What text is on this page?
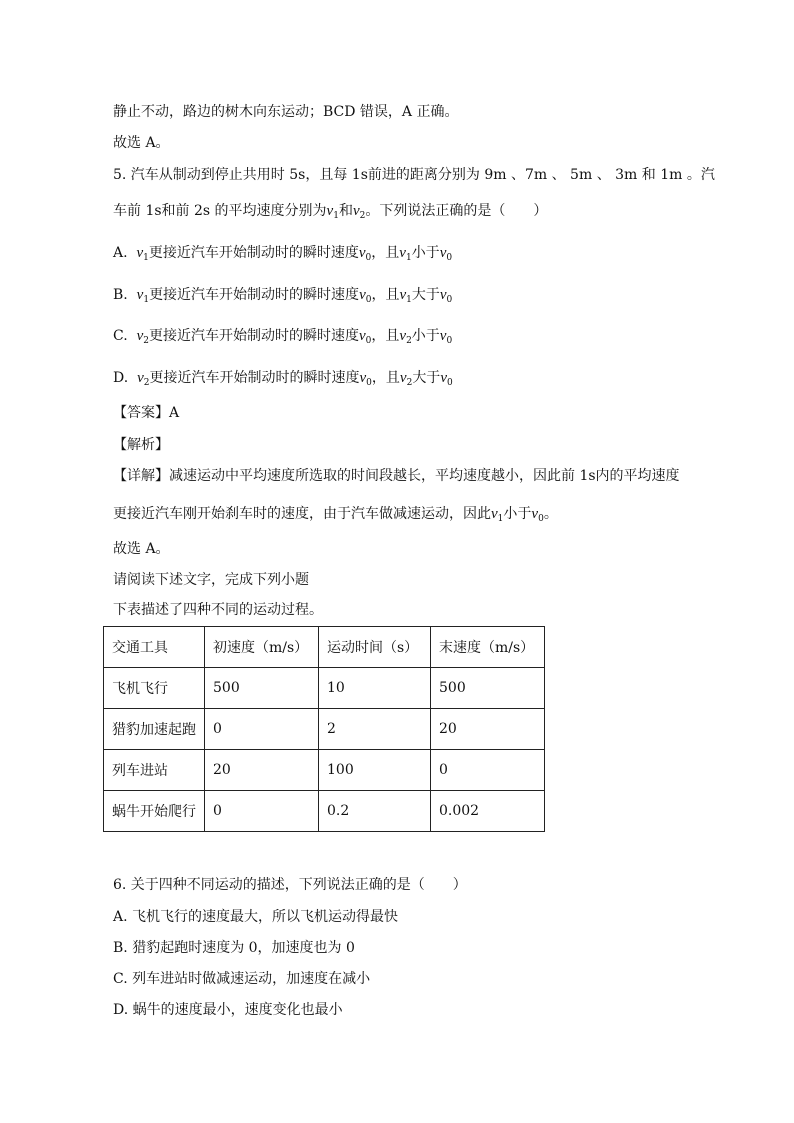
静止不动，路边的树木向东运动；BCD 错误，A 正确。
故选 A。
5. 汽车从制动到停止共用时 5s，且每 1s前进的距离分别为 9m 、7m 、 5m 、 3m 和 1m 。汽
车前 1s和前 2s 的平均速度分别为$v_1$和$v_2$。下列说法正确的是（　　）
A. $v_1$更接近汽车开始制动时的瞬时速度$v_0$，且$v_1$小于$v_0$
B. $v_1$更接近汽车开始制动时的瞬时速度$v_0$，且$v_1$大于$v_0$
C. $v_2$更接近汽车开始制动时的瞬时速度$v_0$，且$v_2$小于$v_0$
D. $v_2$更接近汽车开始制动时的瞬时速度$v_0$，且$v_2$大于$v_0$
【答案】A
【解析】
【详解】减速运动中平均速度所选取的时间段越长，平均速度越小，因此前 1s内的平均速度
更接近汽车刚开始刹车时的速度，由于汽车做减速运动，因此$v_1$小于$v_0$。
故选 A。
请阅读下述文字，完成下列小题
下表描述了四种不同的运动过程。
交通工具	初速度（m/s）	运动时间（s）	末速度（m/s）
飞机飞行	500	10	500
猎豹加速起跑	0	2	20
列车进站	20	100	0
蜗牛开始爬行	0	0.2	0.002
6. 关于四种不同运动的描述，下列说法正确的是（　　）
A. 飞机飞行的速度最大，所以飞机运动得最快
B. 猎豹起跑时速度为 0，加速度也为 0
C. 列车进站时做减速运动，加速度在减小
D. 蜗牛的速度最小，速度变化也最小
